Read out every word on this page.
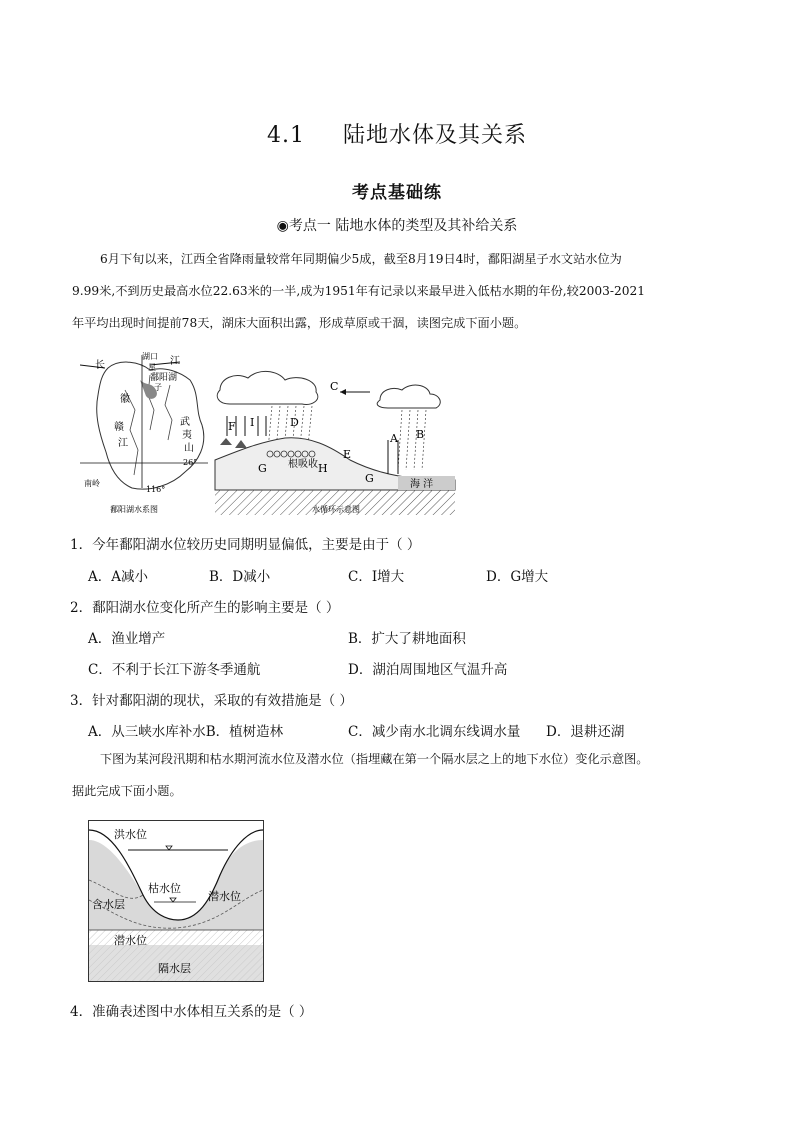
4.1 陆地水体及其关系
考点基础练
◉考点一 陆地水体的类型及其补给关系
6月下旬以来，江西全省降雨量较常年同期偏少5成，截至8月19日4时，鄱阳湖星子水文站水位为
9.99米,不到历史最高水位22.63米的一半,成为1951年有记录以来最早进入低枯水期的年份,较2003-2021
年平均出现时间提前78天，湖床大面积出露，形成草原或干涸，读图完成下面小题。
长
湖口 江
鄱阳湖
星
子
徽
赣
江
武
夷
山
26°
南岭
116°
鄱阳湖水系图
C
D
F I
A B
E
G
G
H
根吸收
海 洋
水循环示意图
1．今年鄱阳湖水位较历史同期明显偏低，主要是由于（ ）
A．A减小	B．D减小	C．Ⅰ增大	D．G增大
2．鄱阳湖水位变化所产生的影响主要是（ ）
A．渔业增产	B．扩大了耕地面积
C．不利于长江下游冬季通航	D．湖泊周围地区气温升高
3．针对鄱阳湖的现状，采取的有效措施是（ ）
A．从三峡水库补水B．植树造林	C．减少南水北调东线调水量 D．退耕还湖
下图为某河段汛期和枯水期河流水位及潜水位（指埋藏在第一个隔水层之上的地下水位）变化示意图。
据此完成下面小题。
洪水位
枯水位
潜水位
含水层
潜水位
隔水层
4．准确表述图中水体相互关系的是（ ）
